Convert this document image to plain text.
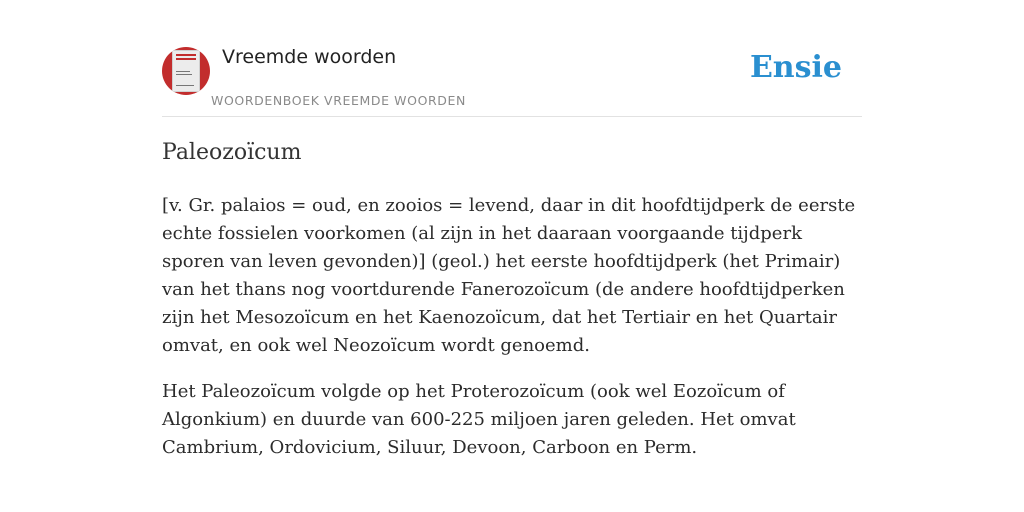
Vreemde woorden
WOORDENBOEK VREEMDE WOORDEN
Ensie
Paleozoïcum

[v. Gr. palaios = oud, en zooios = levend, daar in dit hoofdtijdperk de eerste echte fossielen voorkomen (al zijn in het daaraan voorgaande tijdperk sporen van leven gevonden)] (geol.) het eerste hoofdtijdperk (het Primair) van het thans nog voortdurende Fanerozoïcum (de andere hoofdtijdperken zijn het Mesozoïcum en het Kaenozoïcum, dat het Tertiair en het Quartair omvat, en ook wel Neozoïcum wordt genoemd.

Het Paleozoïcum volgde op het Proterozoïcum (ook wel Eozoïcum of Algonkium) en duurde van 600-225 miljoen jaren geleden. Het omvat Cambrium, Ordovicium, Siluur, Devoon, Carboon en Perm.
